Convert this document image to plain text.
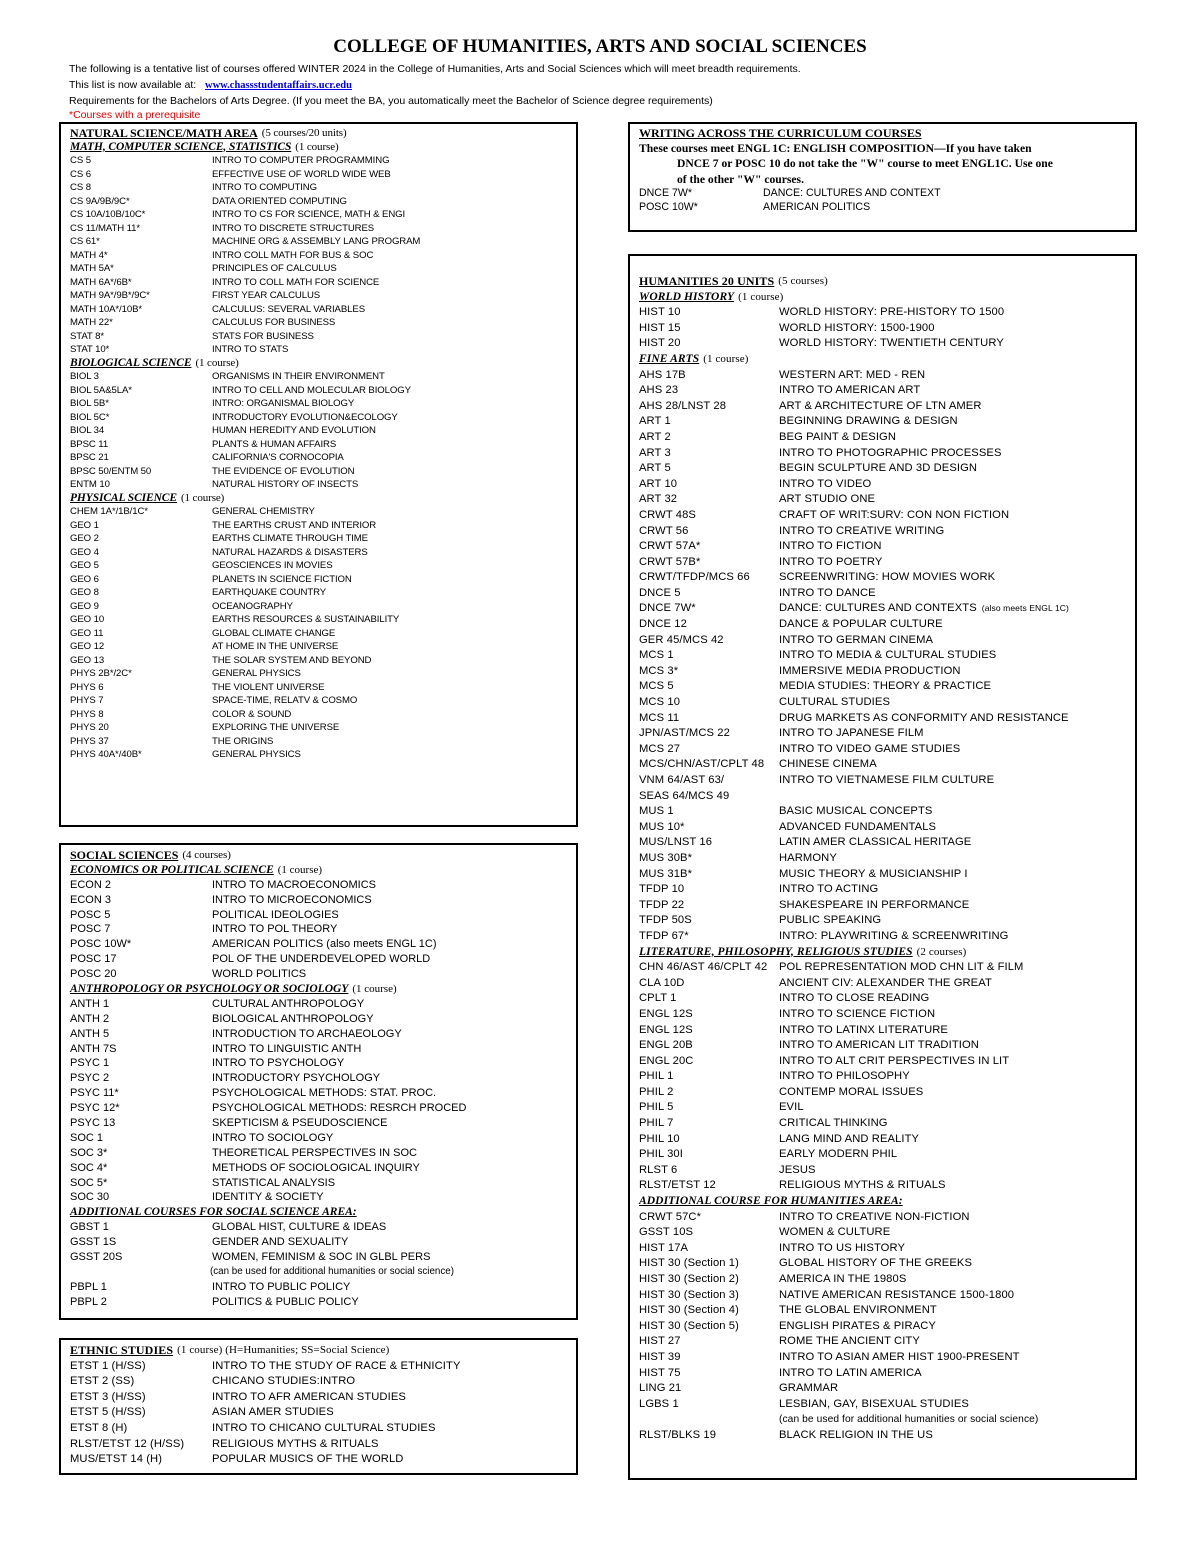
COLLEGE OF HUMANITIES, ARTS AND SOCIAL SCIENCES
The following is a tentative list of courses offered WINTER 2024 in the College of Humanities, Arts and Social Sciences which will meet breadth requirements.
This list is now available at: www.chassstudentaffairs.ucr.edu
Requirements for the Bachelors of Arts Degree. (If you meet the BA, you automatically meet the Bachelor of Science degree requirements)
*Courses with a prerequisite
NATURAL SCIENCE/MATH AREA (5 courses/20 units)
MATH, COMPUTER SCIENCE, STATISTICS (1 course)
CS 5	INTRO TO COMPUTER PROGRAMMING
CS 6	EFFECTIVE USE OF WORLD WIDE WEB
CS 8	INTRO TO COMPUTING
CS 9A/9B/9C*	DATA ORIENTED COMPUTING
CS 10A/10B/10C*	INTRO TO CS FOR SCIENCE, MATH & ENGI
CS 11/MATH 11*	INTRO TO DISCRETE STRUCTURES
CS 61*	MACHINE ORG & ASSEMBLY LANG PROGRAM
MATH 4*	INTRO COLL MATH FOR BUS & SOC
MATH 5A*	PRINCIPLES OF CALCULUS
MATH 6A*/6B*	INTRO TO COLL MATH FOR SCIENCE
MATH 9A*/9B*/9C*	FIRST YEAR CALCULUS
MATH 10A*/10B*	CALCULUS: SEVERAL VARIABLES
MATH 22*	CALCULUS FOR BUSINESS
STAT 8*	STATS FOR BUSINESS
STAT 10*	INTRO TO STATS
BIOLOGICAL SCIENCE (1 course)
BIOL 3	ORGANISMS IN THEIR ENVIRONMENT
BIOL 5A&5LA*	INTRO TO CELL AND MOLECULAR BIOLOGY
BIOL 5B*	INTRO: ORGANISMAL BIOLOGY
BIOL 5C*	INTRODUCTORY EVOLUTION&ECOLOGY
BIOL 34	HUMAN HEREDITY AND EVOLUTION
BPSC 11	PLANTS & HUMAN AFFAIRS
BPSC 21	CALIFORNIA'S CORNOCOPIA
BPSC 50/ENTM 50	THE EVIDENCE OF EVOLUTION
ENTM 10	NATURAL HISTORY OF INSECTS
PHYSICAL SCIENCE (1 course)
CHEM 1A*/1B/1C*	GENERAL CHEMISTRY
GEO 1	THE EARTHS CRUST AND INTERIOR
GEO 2	EARTHS CLIMATE THROUGH TIME
GEO 4	NATURAL HAZARDS & DISASTERS
GEO 5	GEOSCIENCES IN MOVIES
GEO 6	PLANETS IN SCIENCE FICTION
GEO 8	EARTHQUAKE COUNTRY
GEO 9	OCEANOGRAPHY
GEO 10	EARTHS RESOURCES & SUSTAINABILITY
GEO 11	GLOBAL CLIMATE CHANGE
GEO 12	AT HOME IN THE UNIVERSE
GEO 13	THE SOLAR SYSTEM AND BEYOND
PHYS 2B*/2C*	GENERAL PHYSICS
PHYS 6	THE VIOLENT UNIVERSE
PHYS 7	SPACE-TIME, RELATV & COSMO
PHYS 8	COLOR & SOUND
PHYS 20	EXPLORING THE UNIVERSE
PHYS 37	THE ORIGINS
PHYS 40A*/40B*	GENERAL PHYSICS
SOCIAL SCIENCES (4 courses)
ECONOMICS OR POLITICAL SCIENCE (1 course)
ECON 2	INTRO TO MACROECONOMICS
ECON 3	INTRO TO MICROECONOMICS
POSC 5	POLITICAL IDEOLOGIES
POSC 7	INTRO TO POL THEORY
POSC 10W*	AMERICAN POLITICS (also meets ENGL 1C)
POSC 17	POL OF THE UNDERDEVELOPED WORLD
POSC 20	WORLD POLITICS
ANTHROPOLOGY OR PSYCHOLOGY OR SOCIOLOGY (1 course)
ANTH 1	CULTURAL ANTHROPOLOGY
ANTH 2	BIOLOGICAL ANTHROPOLOGY
ANTH 5	INTRODUCTION TO ARCHAEOLOGY
ANTH 7S	INTRO TO LINGUISTIC ANTH
PSYC 1	INTRO TO PSYCHOLOGY
PSYC 2	INTRODUCTORY PSYCHOLOGY
PSYC 11*	PSYCHOLOGICAL METHODS: STAT. PROC.
PSYC 12*	PSYCHOLOGICAL METHODS: RESRCH PROCED
PSYC 13	SKEPTICISM & PSEUDOSCIENCE
SOC 1	INTRO TO SOCIOLOGY
SOC 3*	THEORETICAL PERSPECTIVES IN SOC
SOC 4*	METHODS OF SOCIOLOGICAL INQUIRY
SOC 5*	STATISTICAL ANALYSIS
SOC 30	IDENTITY & SOCIETY
ADDITIONAL COURSES FOR SOCIAL SCIENCE AREA:
GBST 1	GLOBAL HIST, CULTURE & IDEAS
GSST 1S	GENDER AND SEXUALITY
GSST 20S	WOMEN, FEMINISM & SOC IN GLBL PERS
(can be used for additional humanities or social science)
PBPL 1	INTRO TO PUBLIC POLICY
PBPL 2	POLITICS & PUBLIC POLICY
ETHNIC STUDIES (1 course) (H=Humanities; SS=Social Science)
ETST 1 (H/SS)	INTRO TO THE STUDY OF RACE & ETHNICITY
ETST 2 (SS)	CHICANO STUDIES:INTRO
ETST 3 (H/SS)	INTRO TO AFR AMERICAN STUDIES
ETST 5 (H/SS)	ASIAN AMER STUDIES
ETST 8 (H)	INTRO TO CHICANO CULTURAL STUDIES
RLST/ETST 12 (H/SS)	RELIGIOUS MYTHS & RITUALS
MUS/ETST 14 (H)	POPULAR MUSICS OF THE WORLD
WRITING ACROSS THE CURRICULUM COURSES
These courses meet ENGL 1C: ENGLISH COMPOSITION—If you have taken
DNCE 7 or POSC 10 do not take the "W" course to meet ENGL1C. Use one
of the other "W" courses.
DNCE 7W*	DANCE: CULTURES AND CONTEXT
POSC 10W*	AMERICAN POLITICS
HUMANITIES 20 UNITS (5 courses)
WORLD HISTORY (1 course)
HIST 10	WORLD HISTORY: PRE-HISTORY TO 1500
HIST 15	WORLD HISTORY: 1500-1900
HIST 20	WORLD HISTORY: TWENTIETH CENTURY
FINE ARTS (1 course)
AHS 17B	WESTERN ART: MED - REN
AHS 23	INTRO TO AMERICAN ART
AHS 28/LNST 28	ART & ARCHITECTURE OF LTN AMER
ART 1	BEGINNING DRAWING & DESIGN
ART 2	BEG PAINT & DESIGN
ART 3	INTRO TO PHOTOGRAPHIC PROCESSES
ART 5	BEGIN SCULPTURE AND 3D DESIGN
ART 10	INTRO TO VIDEO
ART 32	ART STUDIO ONE
CRWT 48S	CRAFT OF WRIT:SURV: CON NON FICTION
CRWT 56	INTRO TO CREATIVE WRITING
CRWT 57A*	INTRO TO FICTION
CRWT 57B*	INTRO TO POETRY
CRWT/TFDP/MCS 66	SCREENWRITING: HOW MOVIES WORK
DNCE 5	INTRO TO DANCE
DNCE 7W*	DANCE: CULTURES AND CONTEXTS (also meets ENGL 1C)
DNCE 12	DANCE & POPULAR CULTURE
GER 45/MCS 42	INTRO TO GERMAN CINEMA
MCS 1	INTRO TO MEDIA & CULTURAL STUDIES
MCS 3*	IMMERSIVE MEDIA PRODUCTION
MCS 5	MEDIA STUDIES: THEORY & PRACTICE
MCS 10	CULTURAL STUDIES
MCS 11	DRUG MARKETS AS CONFORMITY AND RESISTANCE
JPN/AST/MCS 22	INTRO TO JAPANESE FILM
MCS 27	INTRO TO VIDEO GAME STUDIES
MCS/CHN/AST/CPLT 48	CHINESE CINEMA
VNM 64/AST 63/	INTRO TO VIETNAMESE FILM CULTURE
SEAS 64/MCS 49
MUS 1	BASIC MUSICAL CONCEPTS
MUS 10*	ADVANCED FUNDAMENTALS
MUS/LNST 16	LATIN AMER CLASSICAL HERITAGE
MUS 30B*	HARMONY
MUS 31B*	MUSIC THEORY & MUSICIANSHIP I
TFDP 10	INTRO TO ACTING
TFDP 22	SHAKESPEARE IN PERFORMANCE
TFDP 50S	PUBLIC SPEAKING
TFDP 67*	INTRO: PLAYWRITING & SCREENWRITING
LITERATURE, PHILOSOPHY, RELIGIOUS STUDIES (2 courses)
CHN 46/AST 46/CPLT 42	POL REPRESENTATION MOD CHN LIT & FILM
CLA 10D	ANCIENT CIV: ALEXANDER THE GREAT
CPLT 1	INTRO TO CLOSE READING
ENGL 12S	INTRO TO SCIENCE FICTION
ENGL 12S	INTRO TO LATINX LITERATURE
ENGL 20B	INTRO TO AMERICAN LIT TRADITION
ENGL 20C	INTRO TO ALT CRIT PERSPECTIVES IN LIT
PHIL 1	INTRO TO PHILOSOPHY
PHIL 2	CONTEMP MORAL ISSUES
PHIL 5	EVIL
PHIL 7	CRITICAL THINKING
PHIL 10	LANG MIND AND REALITY
PHIL 30I	EARLY MODERN PHIL
RLST 6	JESUS
RLST/ETST 12	RELIGIOUS MYTHS & RITUALS
ADDITIONAL COURSE FOR HUMANITIES AREA:
CRWT 57C*	INTRO TO CREATIVE NON-FICTION
GSST 10S	WOMEN & CULTURE
HIST 17A	INTRO TO US HISTORY
HIST 30 (Section 1)	GLOBAL HISTORY OF THE GREEKS
HIST 30 (Section 2)	AMERICA IN THE 1980S
HIST 30 (Section 3)	NATIVE AMERICAN RESISTANCE 1500-1800
HIST 30 (Section 4)	THE GLOBAL ENVIRONMENT
HIST 30 (Section 5)	ENGLISH PIRATES & PIRACY
HIST 27	ROME THE ANCIENT CITY
HIST 39	INTRO TO ASIAN AMER HIST 1900-PRESENT
HIST 75	INTRO TO LATIN AMERICA
LING 21	GRAMMAR
LGBS 1	LESBIAN, GAY, BISEXUAL STUDIES
(can be used for additional humanities or social science)
RLST/BLKS 19	BLACK RELIGION IN THE US
